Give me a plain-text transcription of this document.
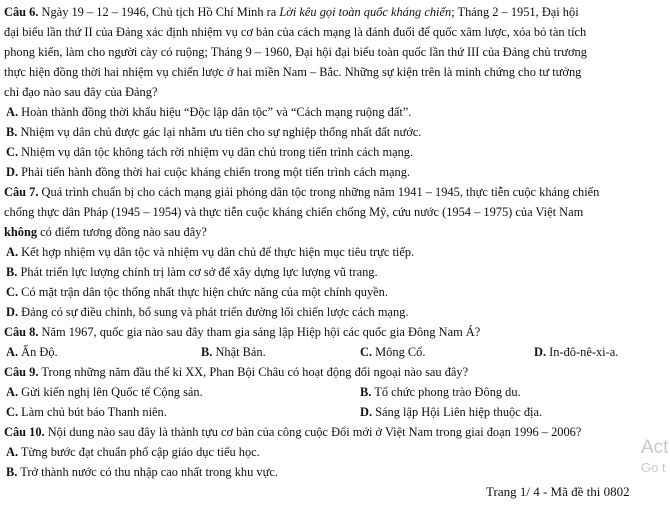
Câu 6. Ngày 19 – 12 – 1946, Chủ tịch Hồ Chí Minh ra Lời kêu gọi toàn quốc kháng chiến; Tháng 2 – 1951, Đại hội
đại biểu lần thứ II của Đảng xác định nhiệm vụ cơ bản của cách mạng là đánh đuổi để quốc xâm lược, xóa bỏ tàn tích
phong kiến, làm cho người cày có ruộng; Tháng 9 – 1960, Đại hội đại biểu toàn quốc lần thứ III của Đảng chủ trương
thực hiện đồng thời hai nhiệm vụ chiến lược ở hai miền Nam – Bắc. Những sự kiện trên là minh chứng cho tư tưởng
chỉ đạo nào sau đây của Đảng?
A. Hoàn thành đồng thời khẩu hiệu “Độc lập dân tộc” và “Cách mạng ruộng đất”.
B. Nhiệm vụ dân chủ được gác lại nhằm ưu tiên cho sự nghiệp thống nhất đất nước.
C. Nhiệm vụ dân tộc không tách rời nhiệm vụ dân chủ trong tiến trình cách mạng.
D. Phải tiến hành đồng thời hai cuộc kháng chiến trong một tiến trình cách mạng.
Câu 7. Quá trình chuẩn bị cho cách mạng giải phóng dân tộc trong những năm 1941 – 1945, thực tiễn cuộc kháng chiến
chống thực dân Pháp (1945 – 1954) và thực tiễn cuộc kháng chiến chống Mỹ, cứu nước (1954 – 1975) của Việt Nam
không có điểm tương đồng nào sau đây?
A. Kết hợp nhiệm vụ dân tộc và nhiệm vụ dân chủ để thực hiện mục tiêu trực tiếp.
B. Phát triển lực lượng chính trị làm cơ sở để xây dựng lực lượng vũ trang.
C. Có mặt trận dân tộc thống nhất thực hiện chức năng của một chính quyền.
D. Đảng có sự điều chỉnh, bổ sung và phát triển đường lối chiến lược cách mạng.
Câu 8. Năm 1967, quốc gia nào sau đây tham gia sáng lập Hiệp hội các quốc gia Đông Nam Á?
A. Ấn Độ.	B. Nhật Bản.	C. Mông Cổ.	D. In-đô-nê-xi-a.
Câu 9. Trong những năm đầu thế kỉ XX, Phan Bội Châu có hoạt động đối ngoại nào sau đây?
A. Gửi kiến nghị lên Quốc tế Cộng sản.	B. Tổ chức phong trào Đông du.
C. Làm chủ bút báo Thanh niên.	D. Sáng lập Hội Liên hiệp thuộc địa.
Câu 10. Nội dung nào sau đây là thành tựu cơ bản của công cuộc Đổi mới ở Việt Nam trong giai đoạn 1996 – 2006?
A. Từng bước đạt chuẩn phổ cập giáo dục tiểu học.
B. Trở thành nước có thu nhập cao nhất trong khu vực.
Act
Go t
Trang 1/ 4 - Mã đề thi 0802
